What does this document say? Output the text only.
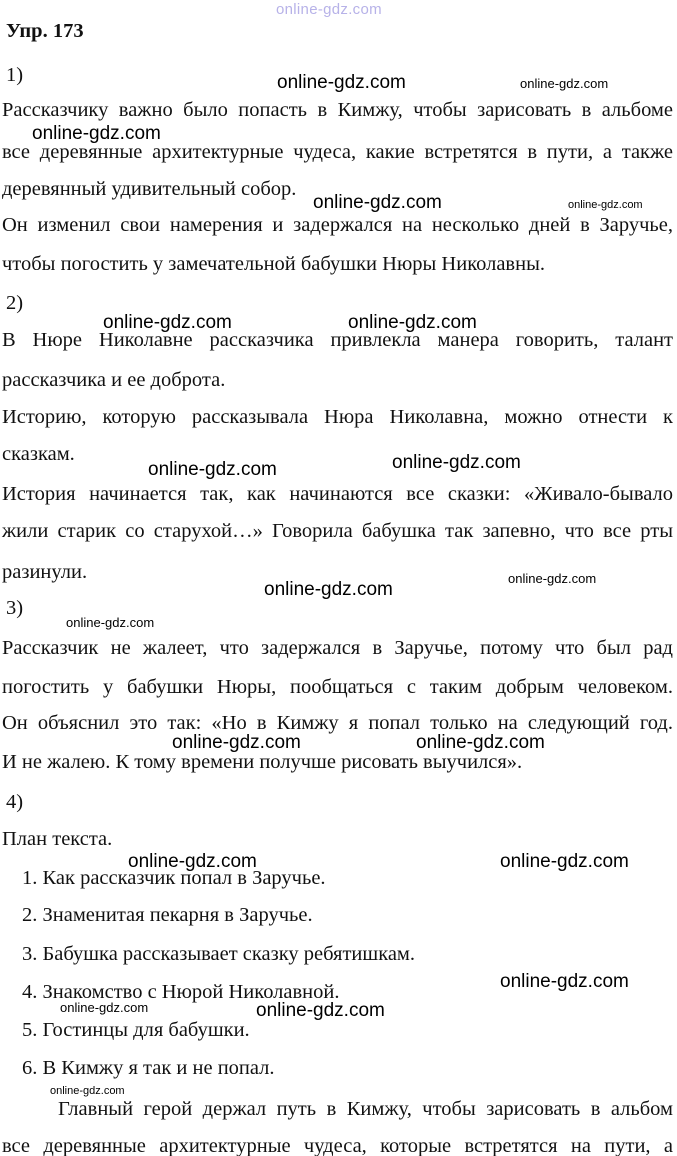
Упр. 173
1)
Рассказчику важно было попасть в Кимжу, чтобы зарисовать в альбоме
все деревянные архитектурные чудеса, какие встретятся в пути, а также
деревянный удивительный собор.
Он изменил свои намерения и задержался на несколько дней в Заручье,
чтобы погостить у замечательной бабушки Нюры Николавны.
2)
В Нюре Николавне рассказчика привлекла манера говорить, талант
рассказчика и ее доброта.
Историю, которую рассказывала Нюра Николавна, можно отнести к
сказкам.
История начинается так, как начинаются все сказки: «Живало-бывало
жили старик со старухой…» Говорила бабушка так запевно, что все рты
разинули.
3)
Рассказчик не жалеет, что задержался в Заручье, потому что был рад
погостить у бабушки Нюры, пообщаться с таким добрым человеком.
Он объяснил это так: «Но в Кимжу я попал только на следующий год.
И не жалею. К тому времени получше рисовать выучился».
4)
План текста.
1. Как рассказчик попал в Заручье.
2. Знаменитая пекарня в Заручье.
3. Бабушка рассказывает сказку ребятишкам.
4. Знакомство с Нюрой Николавной.
5. Гостинцы для бабушки.
6. В Кимжу я так и не попал.
Главный герой держал путь в Кимжу, чтобы зарисовать в альбом
все деревянные архитектурные чудеса, которые встретятся на пути, а
online-gdz.com
online-gdz.com	online-gdz.com
online-gdz.com
online-gdz.com	online-gdz.com
online-gdz.com	online-gdz.com
online-gdz.com
online-gdz.com
online-gdz.com
online-gdz.com
online-gdz.com
online-gdz.com	online-gdz.com
online-gdz.com	online-gdz.com
online-gdz.com
online-gdz.com	online-gdz.com
online-gdz.com
